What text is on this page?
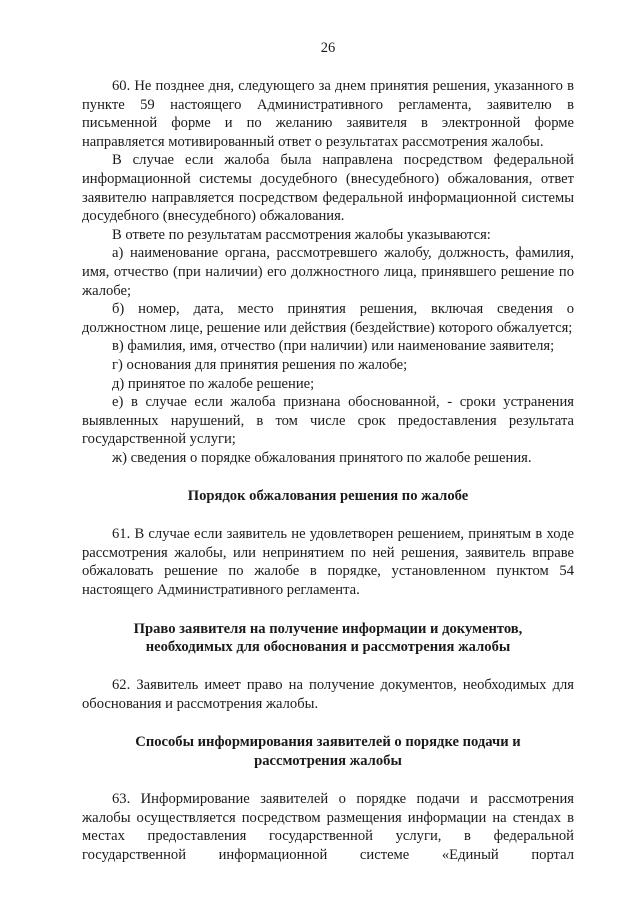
26

60. Не позднее дня, следующего за днем принятия решения, указанного в пункте 59 настоящего Административного регламента, заявителю в письменной форме и по желанию заявителя в электронной форме направляется мотивированный ответ о результатах рассмотрения жалобы.

В случае если жалоба была направлена посредством федеральной информационной системы досудебного (внесудебного) обжалования, ответ заявителю направляется посредством федеральной информационной системы досудебного (внесудебного) обжалования.

В ответе по результатам рассмотрения жалобы указываются:

а) наименование органа, рассмотревшего жалобу, должность, фамилия, имя, отчество (при наличии) его должностного лица, принявшего решение по жалобе;

б) номер, дата, место принятия решения, включая сведения о должностном лице, решение или действия (бездействие) которого обжалуется;

в) фамилия, имя, отчество (при наличии) или наименование заявителя;

г) основания для принятия решения по жалобе;

д) принятое по жалобе решение;

е) в случае если жалоба признана обоснованной, - сроки устранения выявленных нарушений, в том числе срок предоставления результата государственной услуги;

ж) сведения о порядке обжалования принятого по жалобе решения.

Порядок обжалования решения по жалобе

61. В случае если заявитель не удовлетворен решением, принятым в ходе рассмотрения жалобы, или непринятием по ней решения, заявитель вправе обжаловать решение по жалобе в порядке, установленном пунктом 54 настоящего Административного регламента.

Право заявителя на получение информации и документов,
необходимых для обоснования и рассмотрения жалобы

62. Заявитель имеет право на получение документов, необходимых для обоснования и рассмотрения жалобы.

Способы информирования заявителей о порядке подачи и
рассмотрения жалобы

63. Информирование заявителей о порядке подачи и рассмотрения жалобы осуществляется посредством размещения информации на стендах в местах предоставления государственной услуги, в федеральной государственной информационной системе «Единый портал
